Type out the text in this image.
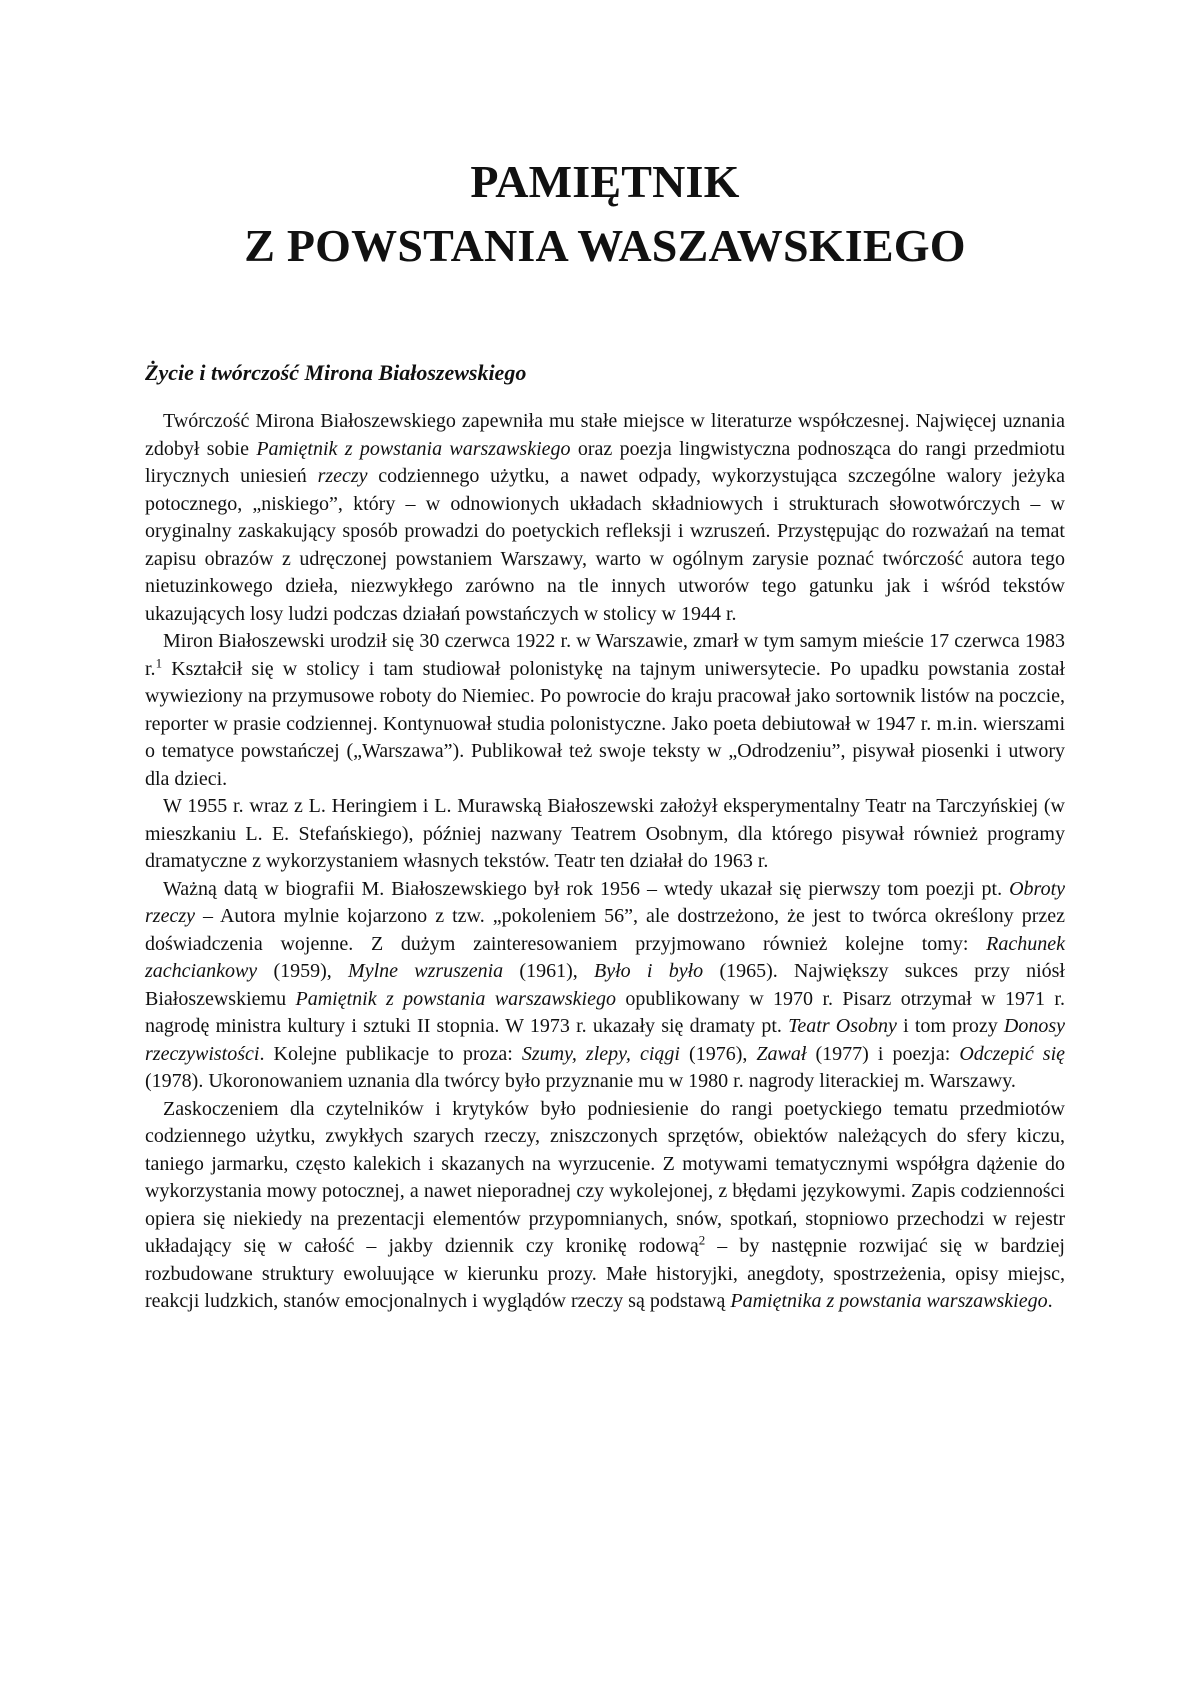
PAMIĘTNIK
Z POWSTANIA WASZAWSKIEGO
Życie i twórczość Mirona Białoszewskiego

Twórczość Mirona Białoszewskiego zapewniła mu stałe miejsce w literaturze współczesnej. Najwięcej uznania zdobył sobie Pamiętnik z powstania warszawskiego oraz poezja lingwistyczna podnosząca do rangi przedmiotu lirycznych uniesień rzeczy codziennego użytku, a nawet odpady, wykorzystująca szczególne walory jeżyka potocznego, „niskiego”, który – w odnowionych układach składniowych i strukturach słowotwórczych – w oryginalny zaskakujący sposób prowadzi do poetyckich refleksji i wzruszeń. Przystępując do rozważań na temat zapisu obrazów z udręczonej powstaniem Warszawy, warto w ogólnym zarysie poznać twórczość autora tego nietuzinkowego dzieła, niezwykłego zarówno na tle innych utworów tego gatunku jak i wśród tekstów ukazujących losy ludzi podczas działań powstańczych w stolicy w 1944 r.

Miron Białoszewski urodził się 30 czerwca 1922 r. w Warszawie, zmarł w tym samym mieście 17 czerwca 1983 r.$^1$ Kształcił się w stolicy i tam studiował polonistykę na tajnym uniwersytecie. Po upadku powstania został wywieziony na przymusowe roboty do Niemiec. Po powrocie do kraju pracował jako sortownik listów na poczcie, reporter w prasie codziennej. Kontynuował studia polonistyczne. Jako poeta debiutował w 1947 r. m.in. wierszami o tematyce powstańczej („Warszawa”). Publikował też swoje teksty w „Odrodzeniu”, pisywał piosenki i utwory dla dzieci.

W 1955 r. wraz z L. Heringiem i L. Murawską Białoszewski założył eksperymentalny Teatr na Tarczyńskiej (w mieszkaniu L. E. Stefańskiego), później nazwany Teatrem Osobnym, dla którego pisywał również programy dramatyczne z wykorzystaniem własnych tekstów. Teatr ten działał do 1963 r.

Ważną datą w biografii M. Białoszewskiego był rok 1956 – wtedy ukazał się pierwszy tom poezji pt. Obroty rzeczy – Autora mylnie kojarzono z tzw. „pokoleniem 56”, ale dostrzeżono, że jest to twórca określony przez doświadczenia wojenne. Z dużym zainteresowaniem przyjmowano również kolejne tomy: Rachunek zachciankowy (1959), Mylne wzruszenia (1961), Było i było (1965). Największy sukces przy niósł Białoszewskiemu Pamiętnik z powstania warszawskiego opublikowany w 1970 r. Pisarz otrzymał w 1971 r. nagrodę ministra kultury i sztuki II stopnia. W 1973 r. ukazały się dramaty pt. Teatr Osobny i tom prozy Donosy rzeczywistości. Kolejne publikacje to proza: Szumy, zlepy, ciągi (1976), Zawał (1977) i poezja: Odczepić się (1978). Ukoronowaniem uznania dla twórcy było przyznanie mu w 1980 r. nagrody literackiej m. Warszawy.

Zaskoczeniem dla czytelników i krytyków było podniesienie do rangi poetyckiego tematu przedmiotów codziennego użytku, zwykłych szarych rzeczy, zniszczonych sprzętów, obiektów należących do sfery kiczu, taniego jarmarku, często kalekich i skazanych na wyrzucenie. Z motywami tematycznymi współgra dążenie do wykorzystania mowy potocznej, a nawet nieporadnej czy wykolejonej, z błędami językowymi. Zapis codzienności opiera się niekiedy na prezentacji elementów przypomnianych, snów, spotkań, stopniowo przechodzi w rejestr układający się w całość – jakby dziennik czy kronikę rodową$^2$ – by następnie rozwijać się w bardziej rozbudowane struktury ewoluujące w kierunku prozy. Małe historyjki, anegdoty, spostrzeżenia, opisy miejsc, reakcji ludzkich, stanów emocjonalnych i wyglądów rzeczy są podstawą Pamiętnika z powstania warszawskiego.
